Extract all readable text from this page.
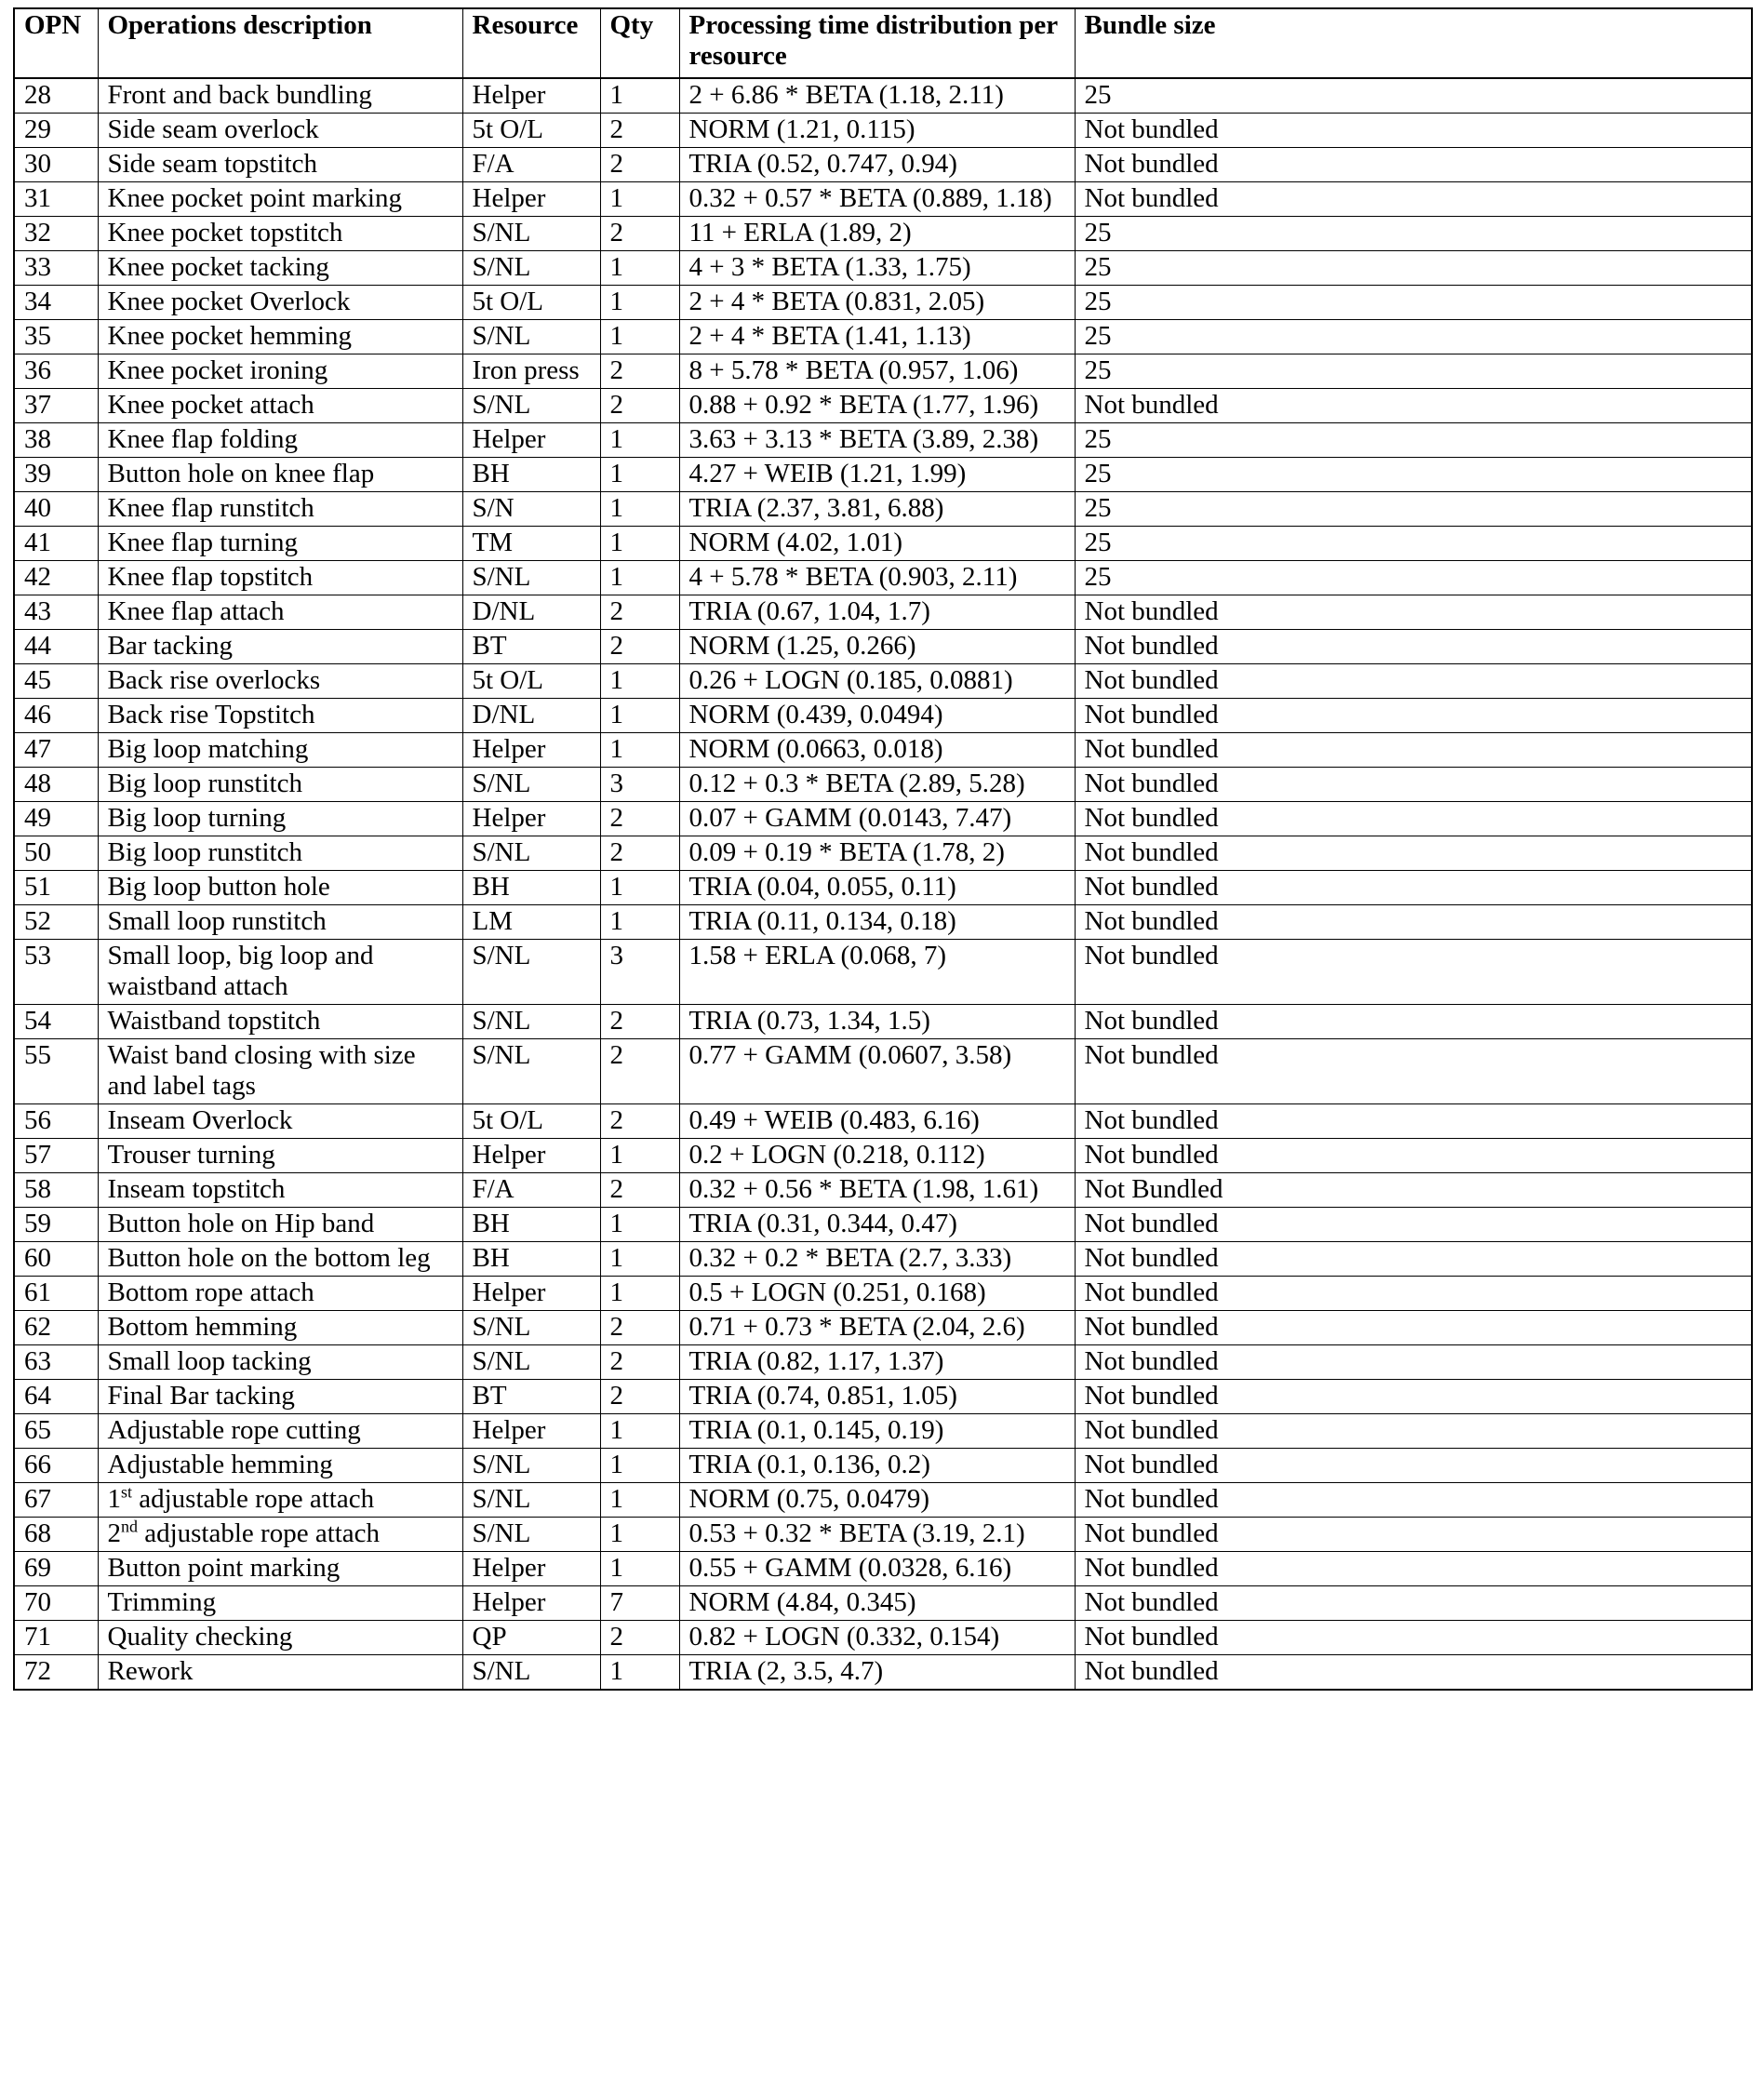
OPN	Operations description	Resource	Qty	Processing time distribution per resource	Bundle size
28	Front and back bundling	Helper	1	2 + 6.86 * BETA (1.18, 2.11)	25
29	Side seam overlock	5t O/L	2	NORM (1.21, 0.115)	Not bundled
30	Side seam topstitch	F/A	2	TRIA (0.52, 0.747, 0.94)	Not bundled
31	Knee pocket point marking	Helper	1	0.32 + 0.57 * BETA (0.889, 1.18)	Not bundled
32	Knee pocket topstitch	S/NL	2	11 + ERLA (1.89, 2)	25
33	Knee pocket tacking	S/NL	1	4 + 3 * BETA (1.33, 1.75)	25
34	Knee pocket Overlock	5t O/L	1	2 + 4 * BETA (0.831, 2.05)	25
35	Knee pocket hemming	S/NL	1	2 + 4 * BETA (1.41, 1.13)	25
36	Knee pocket ironing	Iron press	2	8 + 5.78 * BETA (0.957, 1.06)	25
37	Knee pocket attach	S/NL	2	0.88 + 0.92 * BETA (1.77, 1.96)	Not bundled
38	Knee flap folding	Helper	1	3.63 + 3.13 * BETA (3.89, 2.38)	25
39	Button hole on knee flap	BH	1	4.27 + WEIB (1.21, 1.99)	25
40	Knee flap runstitch	S/N	1	TRIA (2.37, 3.81, 6.88)	25
41	Knee flap turning	TM	1	NORM (4.02, 1.01)	25
42	Knee flap topstitch	S/NL	1	4 + 5.78 * BETA (0.903, 2.11)	25
43	Knee flap attach	D/NL	2	TRIA (0.67, 1.04, 1.7)	Not bundled
44	Bar tacking	BT	2	NORM (1.25, 0.266)	Not bundled
45	Back rise overlocks	5t O/L	1	0.26 + LOGN (0.185, 0.0881)	Not bundled
46	Back rise Topstitch	D/NL	1	NORM (0.439, 0.0494)	Not bundled
47	Big loop matching	Helper	1	NORM (0.0663, 0.018)	Not bundled
48	Big loop runstitch	S/NL	3	0.12 + 0.3 * BETA (2.89, 5.28)	Not bundled
49	Big loop turning	Helper	2	0.07 + GAMM (0.0143, 7.47)	Not bundled
50	Big loop runstitch	S/NL	2	0.09 + 0.19 * BETA (1.78, 2)	Not bundled
51	Big loop button hole	BH	1	TRIA (0.04, 0.055, 0.11)	Not bundled
52	Small loop runstitch	LM	1	TRIA (0.11, 0.134, 0.18)	Not bundled
53	Small loop, big loop and waistband attach	S/NL	3	1.58 + ERLA (0.068, 7)	Not bundled
54	Waistband topstitch	S/NL	2	TRIA (0.73, 1.34, 1.5)	Not bundled
55	Waist band closing with size and label tags	S/NL	2	0.77 + GAMM (0.0607, 3.58)	Not bundled
56	Inseam Overlock	5t O/L	2	0.49 + WEIB (0.483, 6.16)	Not bundled
57	Trouser turning	Helper	1	0.2 + LOGN (0.218, 0.112)	Not bundled
58	Inseam topstitch	F/A	2	0.32 + 0.56 * BETA (1.98, 1.61)	Not Bundled
59	Button hole on Hip band	BH	1	TRIA (0.31, 0.344, 0.47)	Not bundled
60	Button hole on the bottom leg	BH	1	0.32 + 0.2 * BETA (2.7, 3.33)	Not bundled
61	Bottom rope attach	Helper	1	0.5 + LOGN (0.251, 0.168)	Not bundled
62	Bottom hemming	S/NL	2	0.71 + 0.73 * BETA (2.04, 2.6)	Not bundled
63	Small loop tacking	S/NL	2	TRIA (0.82, 1.17, 1.37)	Not bundled
64	Final Bar tacking	BT	2	TRIA (0.74, 0.851, 1.05)	Not bundled
65	Adjustable rope cutting	Helper	1	TRIA (0.1, 0.145, 0.19)	Not bundled
66	Adjustable hemming	S/NL	1	TRIA (0.1, 0.136, 0.2)	Not bundled
67	1st adjustable rope attach	S/NL	1	NORM (0.75, 0.0479)	Not bundled
68	2nd adjustable rope attach	S/NL	1	0.53 + 0.32 * BETA (3.19, 2.1)	Not bundled
69	Button point marking	Helper	1	0.55 + GAMM (0.0328, 6.16)	Not bundled
70	Trimming	Helper	7	NORM (4.84, 0.345)	Not bundled
71	Quality checking	QP	2	0.82 + LOGN (0.332, 0.154)	Not bundled
72	Rework	S/NL	1	TRIA (2, 3.5, 4.7)	Not bundled
